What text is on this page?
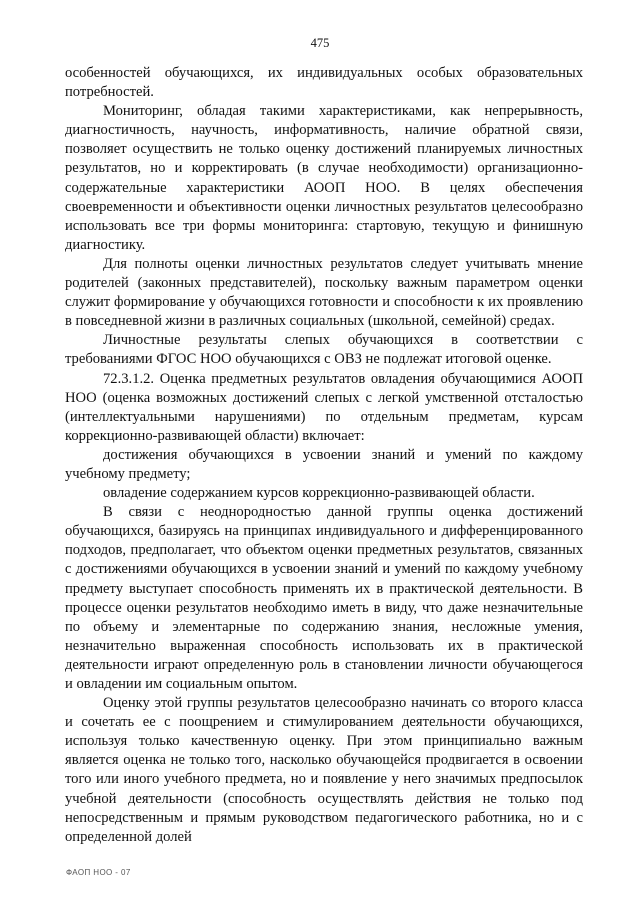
475

особенностей обучающихся, их индивидуальных особых образовательных потребностей.

Мониторинг, обладая такими характеристиками, как непрерывность, диагностичность, научность, информативность, наличие обратной связи, позволяет осуществить не только оценку достижений планируемых личностных результатов, но и корректировать (в случае необходимости) организационно-содержательные характеристики АООП НОО. В целях обеспечения своевременности и объективности оценки личностных результатов целесообразно использовать все три формы мониторинга: стартовую, текущую и финишную диагностику.

Для полноты оценки личностных результатов следует учитывать мнение родителей (законных представителей), поскольку важным параметром оценки служит формирование у обучающихся готовности и способности к их проявлению в повседневной жизни в различных социальных (школьной, семейной) средах.

Личностные результаты слепых обучающихся в соответствии с требованиями ФГОС НОО обучающихся с ОВЗ не подлежат итоговой оценке.

72.3.1.2. Оценка предметных результатов овладения обучающимися АООП НОО (оценка возможных достижений слепых с легкой умственной отсталостью (интеллектуальными нарушениями) по отдельным предметам, курсам коррекционно-развивающей области) включает:

достижения обучающихся в усвоении знаний и умений по каждому учебному предмету;

овладение содержанием курсов коррекционно-развивающей области.

В связи с неоднородностью данной группы оценка достижений обучающихся, базируясь на принципах индивидуального и дифференцированного подходов, предполагает, что объектом оценки предметных результатов, связанных с достижениями обучающихся в усвоении знаний и умений по каждому учебному предмету выступает способность применять их в практической деятельности. В процессе оценки результатов необходимо иметь в виду, что даже незначительные по объему и элементарные по содержанию знания, несложные умения, незначительно выраженная способность использовать их в практической деятельности играют определенную роль в становлении личности обучающегося и овладении им социальным опытом.

Оценку этой группы результатов целесообразно начинать со второго класса и сочетать ее с поощрением и стимулированием деятельности обучающихся, используя только качественную оценку. При этом принципиально важным является оценка не только того, насколько обучающейся продвигается в освоении того или иного учебного предмета, но и появление у него значимых предпосылок учебной деятельности (способность осуществлять действия не только под непосредственным и прямым руководством педагогического работника, но и с определенной долей

ФАОП НОО - 07
